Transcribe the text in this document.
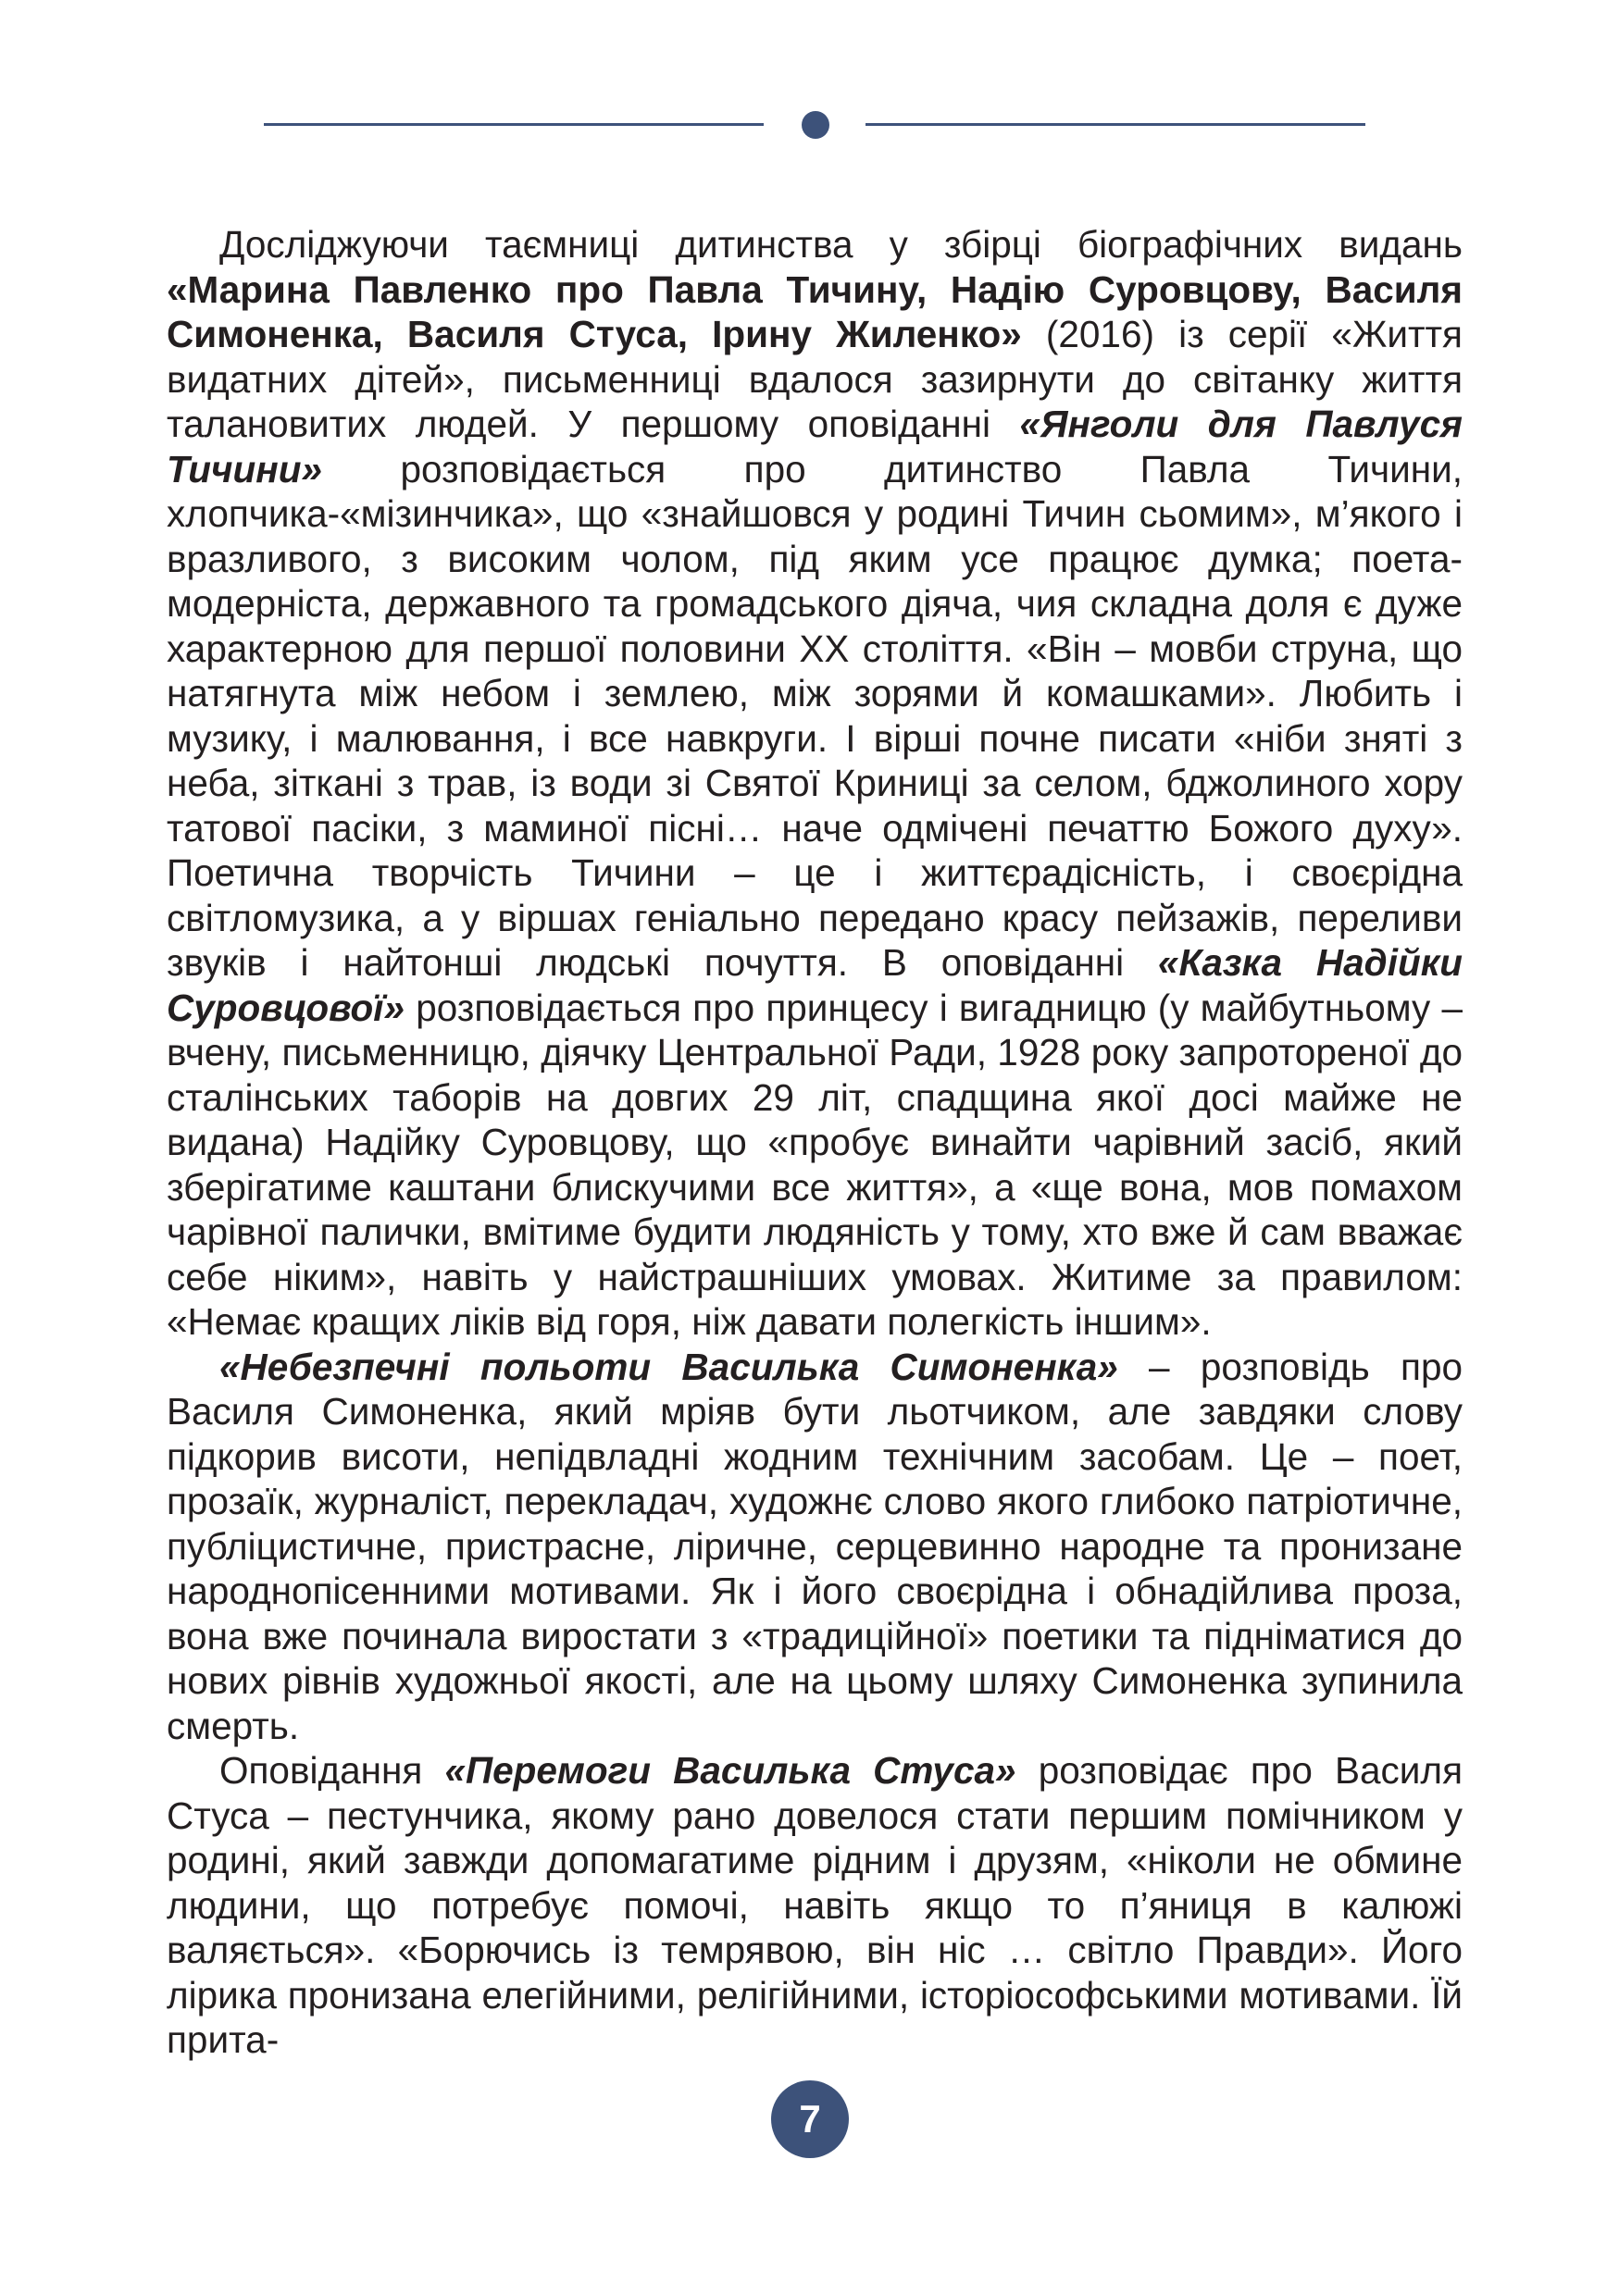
Досліджуючи таємниці дитинства у збірці біографічних видань «Марина Павленко про Павла Тичину, Надію Суровцову, Василя Симоненка, Василя Стуса, Ірину Жиленко» (2016) із серії «Життя видатних дітей», письменниці вдалося зазирнути до світанку життя талановитих людей. У першому оповіданні «Янголи для Павлуся Тичини» розповідається про дитинство Павла Тичини, хлопчика-«мізинчика», що «знайшовся у родині Тичин сьомим», м’якого і вразливого, з високим чолом, під яким усе працює думка; поета-модерніста, державного та громадського діяча, чия складна доля є дуже характерною для першої половини ХХ століття. «Він – мовби струна, що натягнута між небом і землею, між зорями й комашками». Любить і музику, і малювання, і все навкруги. І вірші почне писати «ніби зняті з неба, зіткані з трав, із води зі Святої Криниці за селом, бджолиного хору татової пасіки, з маминої пісні… наче одмічені печаттю Божого духу». Поетична творчість Тичини – це і життєрадісність, і своєрідна світломузика, а у віршах геніально передано красу пейзажів, переливи звуків і найтонші людські почуття. В оповіданні «Казка Надійки Суровцової» розповідається про принцесу і вигадницю (у майбутньому – вчену, письменницю, діячку Центральної Ради, 1928 року запроторенoї до сталінських таборів на довгих 29 літ, спадщина якої досі майже не видана) Надійку Суровцову, що «пробує винайти чарівний засіб, який зберігатиме каштани блискучими все життя», а «ще вона, мов помахом чарівної палички, вмітиме будити людяність у тому, хто вже й сам вважає себе ніким», навіть у найстрашніших умовах. Житиме за правилом: «Немає кращих ліків від горя, ніж давати полегкість іншим».

«Небезпечні польоти Василька Симоненка» – розповідь про Василя Симоненка, який мріяв бути льотчиком, але завдяки слову підкорив висоти, непідвладні жодним технічним засобам. Це – поет, прозаїк, журналіст, перекладач, художнє слово якого глибоко патріотичне, публіцистичне, пристрасне, ліричне, серцевинно народне та пронизане народнопісенними мотивами. Як і його своєрідна і обнадійлива проза, вона вже починала виростати з «традиційної» поетики та підніматися до нових рівнів художньої якості, але на цьому шляху Симоненка зупинила смерть.

Оповідання «Перемоги Василька Стуса» розповідає про Василя Стуса – пестунчика, якому рано довелося стати першим помічником у родині, який завжди допомагатиме рідним і друзям, «ніколи не обмине людини, що потребує помочі, навіть якщо то п’яниця в калюжі валяється». «Борючись із темрявою, він ніс … світло Правди». Його лірика пронизана елегійними, релігійними, історіософськими мотивами. Їй прита-

7
